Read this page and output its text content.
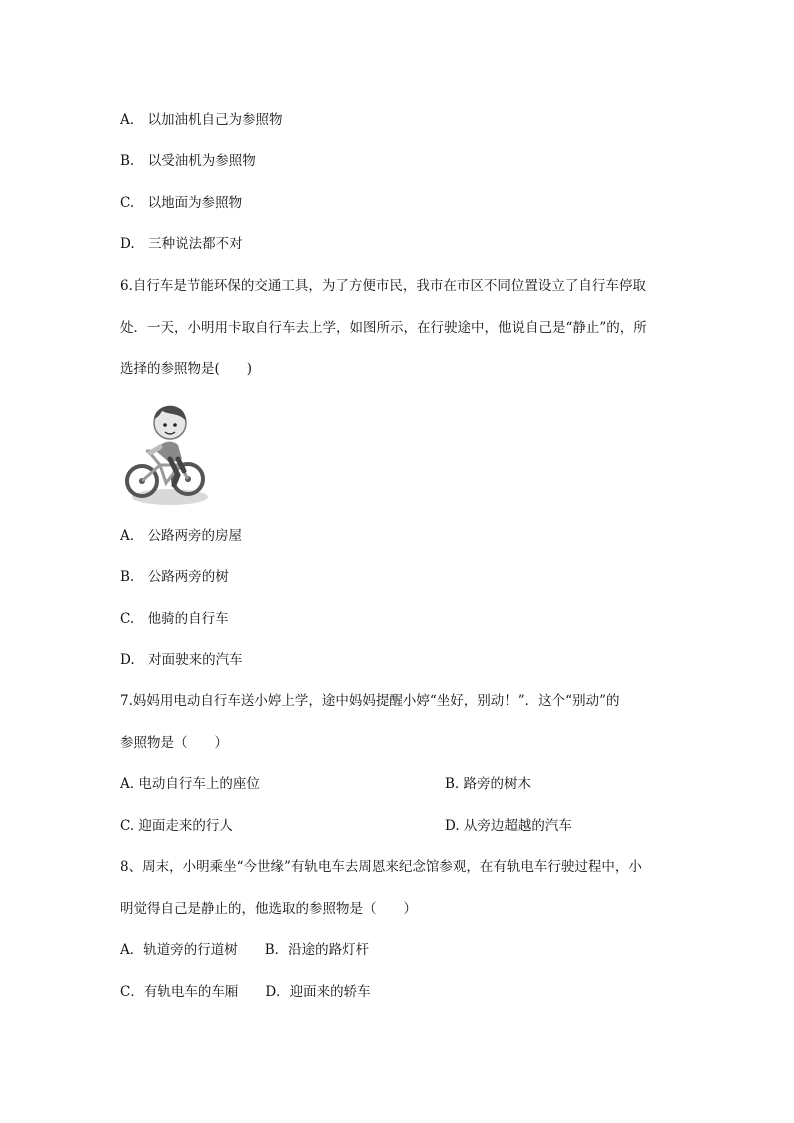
A.　以加油机自己为参照物
B.　以受油机为参照物
C.　以地面为参照物
D.　三种说法都不对
6.自行车是节能环保的交通工具，为了方便市民，我市在市区不同位置设立了自行车停取
处．一天，小明用卡取自行车去上学，如图所示，在行驶途中，他说自己是“静止”的，所
选择的参照物是(　　)
A.　公路两旁的房屋
B.　公路两旁的树
C.　他骑的自行车
D.　对面驶来的汽车
7.妈妈用电动自行车送小婷上学，途中妈妈提醒小婷“坐好，别动！”．这个“别动”的
参照物是（　　）
A. 电动自行车上的座位	B. 路旁的树木
C. 迎面走来的行人	D. 从旁边超越的汽车
8、周末，小明乘坐“今世缘”有轨电车去周恩来纪念馆参观，在有轨电车行驶过程中，小
明觉得自己是静止的，他选取的参照物是（　　）
A．轨道旁的行道树　　B．沿途的路灯杆
C．有轨电车的车厢　　D．迎面来的轿车
